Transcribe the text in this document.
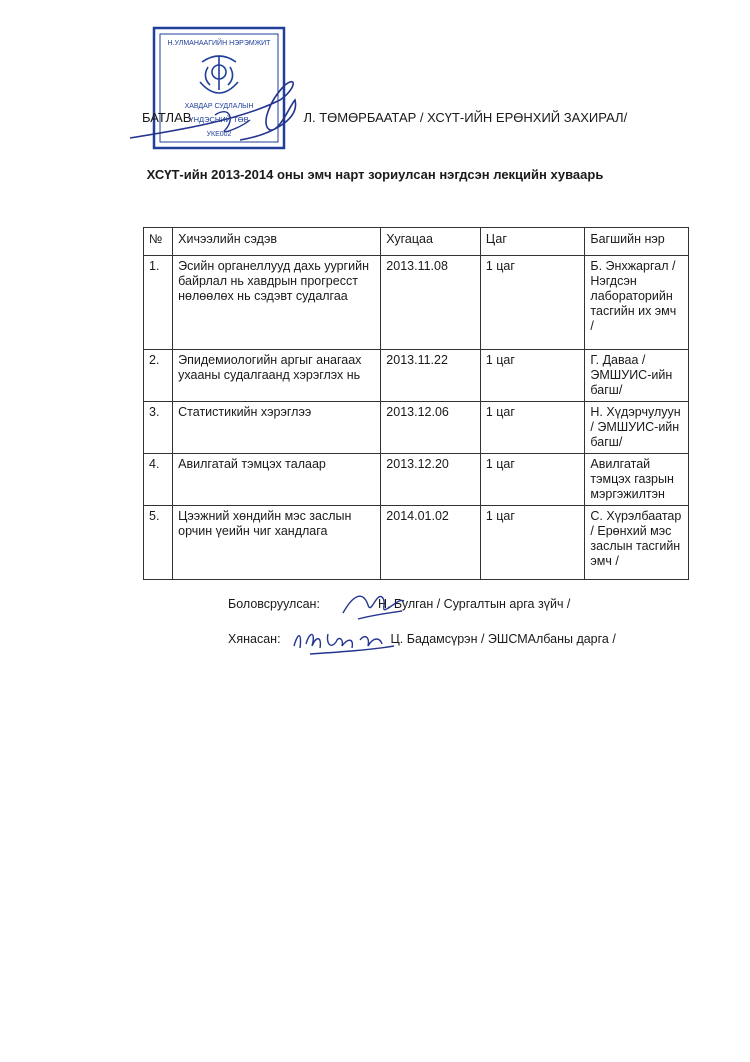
Н.УЛМАНААГИЙН НЭРЭМЖИТ
ХАВДАР СУДЛАЛЫН
ҮНДЭСНИЙ ТӨВ
УКЕ002
БАТЛАВ	Л. ТӨМӨРБААТАР / ХСҮТ-ИЙН ЕРӨНХИЙ ЗАХИРАЛ/
ХСҮТ-ийн 2013-2014 оны эмч нарт зориулсан нэгдсэн лекцийн хуваарь
№	Хичээлийн сэдэв	Хугацаа	Цаг	Багшийн нэр
1.	Эсийн органеллууд дахь уургийн байрлал нь хавдрын прогресст нөлөөлөх нь сэдэвт судалгаа	2013.11.08	1 цаг	Б. Энхжаргал / Нэгдсэн лабораторийн тасгийн их эмч /
2.	Эпидемиологийн аргыг анагаах ухааны судалгаанд хэрэглэх нь	2013.11.22	1 цаг	Г. Даваа / ЭМШУИС-ийн багш/
3.	Статистикийн хэрэглээ	2013.12.06	1 цаг	Н. Хүдэрчулуун / ЭМШУИС-ийн багш/
4.	Авилгатай тэмцэх талаар	2013.12.20	1 цаг	Авилгатай тэмцэх газрын мэргэжилтэн
5.	Цээжний хөндийн мэс заслын орчин үеийн чиг хандлага	2014.01.02	1 цаг	С. Хүрэлбаатар / Ерөнхий мэс заслын тасгийн эмч /
Боловсруулсан:	Н. Булган / Сургалтын арга зүйч /
Хянасан:	Ц. Бадамсүрэн / ЭШСМАлбаны дарга /
